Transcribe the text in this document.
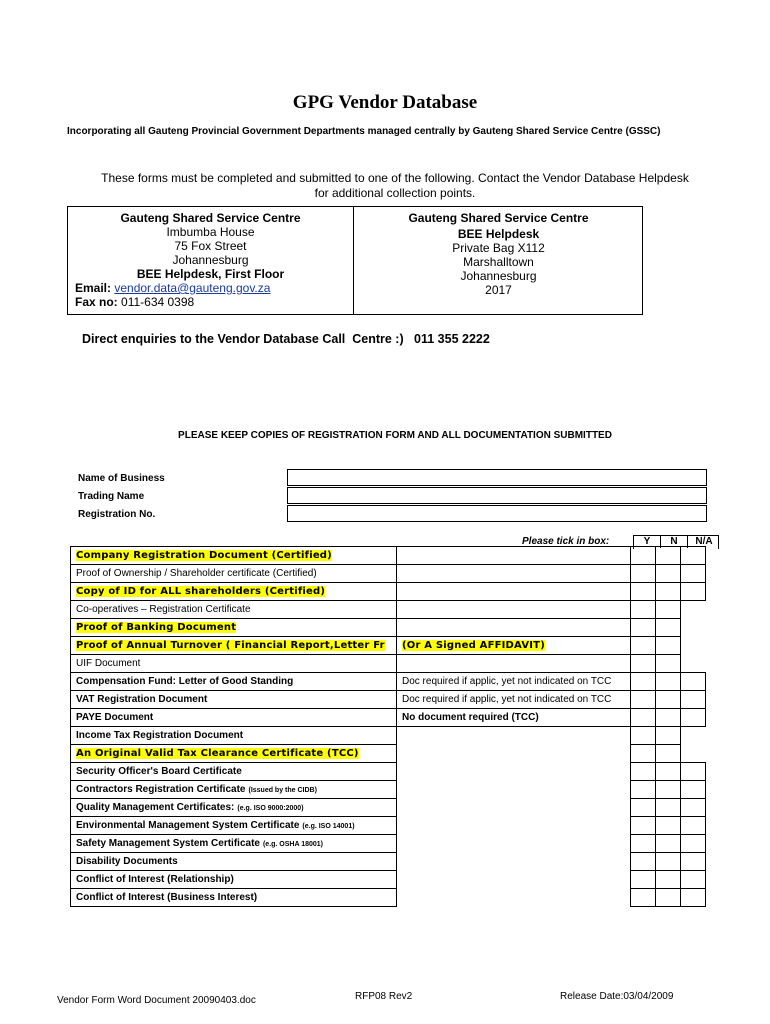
GPG Vendor Database
Incorporating all Gauteng Provincial Government Departments managed centrally by Gauteng Shared Service Centre (GSSC)
These forms must be completed and submitted to one of the following. Contact the Vendor Database Helpdesk for additional collection points.
Gauteng Shared Service Centre
Imbumba House
75 Fox Street
Johannesburg
BEE Helpdesk, First Floor
Email: vendor.data@gauteng.gov.za
Fax no: 011-634 0398
Gauteng Shared Service Centre
BEE Helpdesk
Private Bag X112
Marshalltown
Johannesburg
2017
Direct enquiries to the Vendor Database Call  Centre :)   011 355 2222
PLEASE KEEP COPIES OF REGISTRATION FORM AND ALL DOCUMENTATION SUBMITTED
Name of Business
Trading Name
Registration No.
Please tick in box:	Y	N	N/A
Company Registration Document (Certified)				
Proof of Ownership / Shareholder certificate (Certified)				
Copy of ID for ALL shareholders (Certified)				
Co-operatives – Registration Certificate				
Proof of Banking Document				
Proof of Annual Turnover ( Financial Report,Letter Fr	(Or A Signed AFFIDAVIT)			
UIF Document				
Compensation Fund: Letter of Good Standing	Doc required if applic, yet not indicated on TCC			
VAT Registration Document	Doc required if applic, yet not indicated on TCC			
PAYE Document	No document required (TCC)			
Income Tax Registration Document				
An Original Valid Tax Clearance Certificate (TCC)				
Security Officer's Board Certificate				
Contractors Registration Certificate (Issued by the CIDB)				
Quality Management Certificates: (e.g. ISO 9000:2000)				
Environmental Management System Certificate (e.g. ISO 14001)				
Safety Management System Certificate (e.g. OSHA 18001)				
Disability Documents				
Conflict of Interest (Relationship)				
Conflict of Interest (Business Interest)				
Vendor Form Word Document 20090403.doc	RFP08 Rev2	Release Date:03/04/2009
